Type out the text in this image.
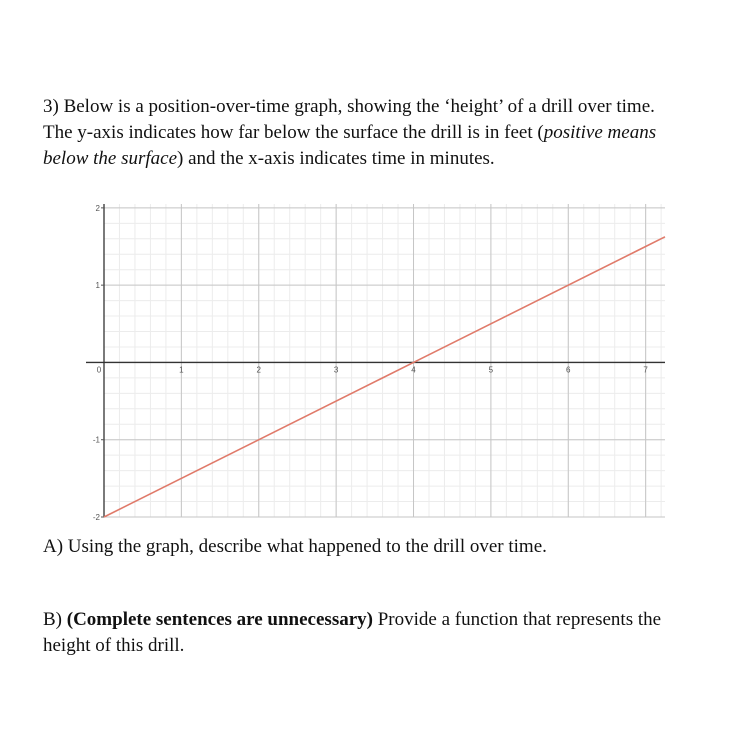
3) Below is a position-over-time graph, showing the ‘height’ of a drill over time. The y-axis indicates how far below the surface the drill is in feet (positive means below the surface) and the x-axis indicates time in minutes.

0	1	2	3	4	5	6	7
2
1
-1
-2

A) Using the graph, describe what happened to the drill over time.

B) (Complete sentences are unnecessary) Provide a function that represents the height of this drill.
